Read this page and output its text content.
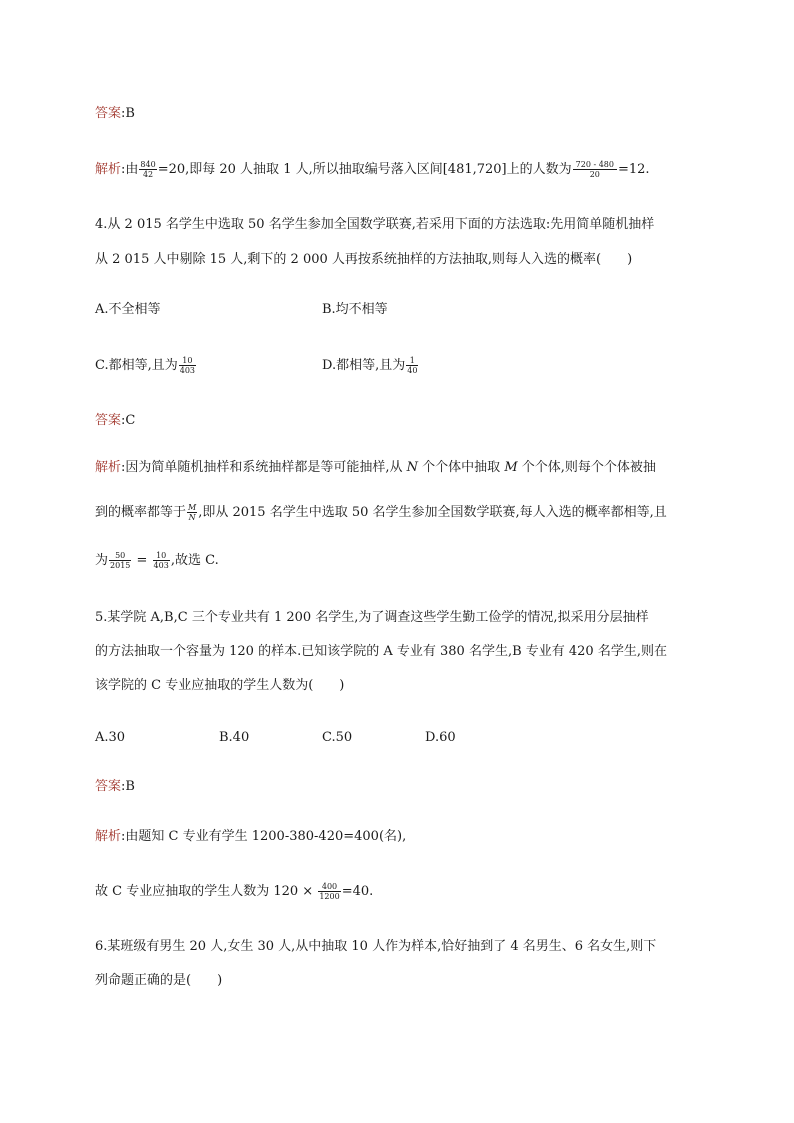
答案:B
解析:由 $\frac{840}{42} =20$,即每 20 人抽取 1 人,所以抽取编号落入区间[481,720]上的人数为 $\frac{720 - 480}{20} =12$.
4.从 2 015 名学生中选取 50 名学生参加全国数学联赛,若采用下面的方法选取:先用简单随机抽样
从 2 015 人中剔除 15 人,剩下的 2 000 人再按系统抽样的方法抽取,则每人入选的概率(　　)
A.不全相等	B.均不相等
C.都相等,且为 $\frac{10}{403}$	D.都相等,且为 $\frac{1}{40}$
答案:C
解析:因为简单随机抽样和系统抽样都是等可能抽样,从 N 个个体中抽取 M 个个体,则每个个体被抽
到的概率都等于 $\frac{M}{N}$ ,即从 2015 名学生中选取 50 名学生参加全国数学联赛,每人入选的概率都相等,且
为 $\frac{50}{2015} = \frac{10}{403}$ ,故选 C.
5.某学院 A,B,C 三个专业共有 1 200 名学生,为了调查这些学生勤工俭学的情况,拟采用分层抽样
的方法抽取一个容量为 120 的样本.已知该学院的 A 专业有 380 名学生,B 专业有 420 名学生,则在
该学院的 C 专业应抽取的学生人数为(　　)
A.30	B.40	C.50	D.60
答案:B
解析:由题知 C 专业有学生 1200-380-420=400(名),
故 C 专业应抽取的学生人数为 $120 \times \frac{400}{1200} =40$.
6.某班级有男生 20 人,女生 30 人,从中抽取 10 人作为样本,恰好抽到了 4 名男生、6 名女生,则下
列命题正确的是(　　)
